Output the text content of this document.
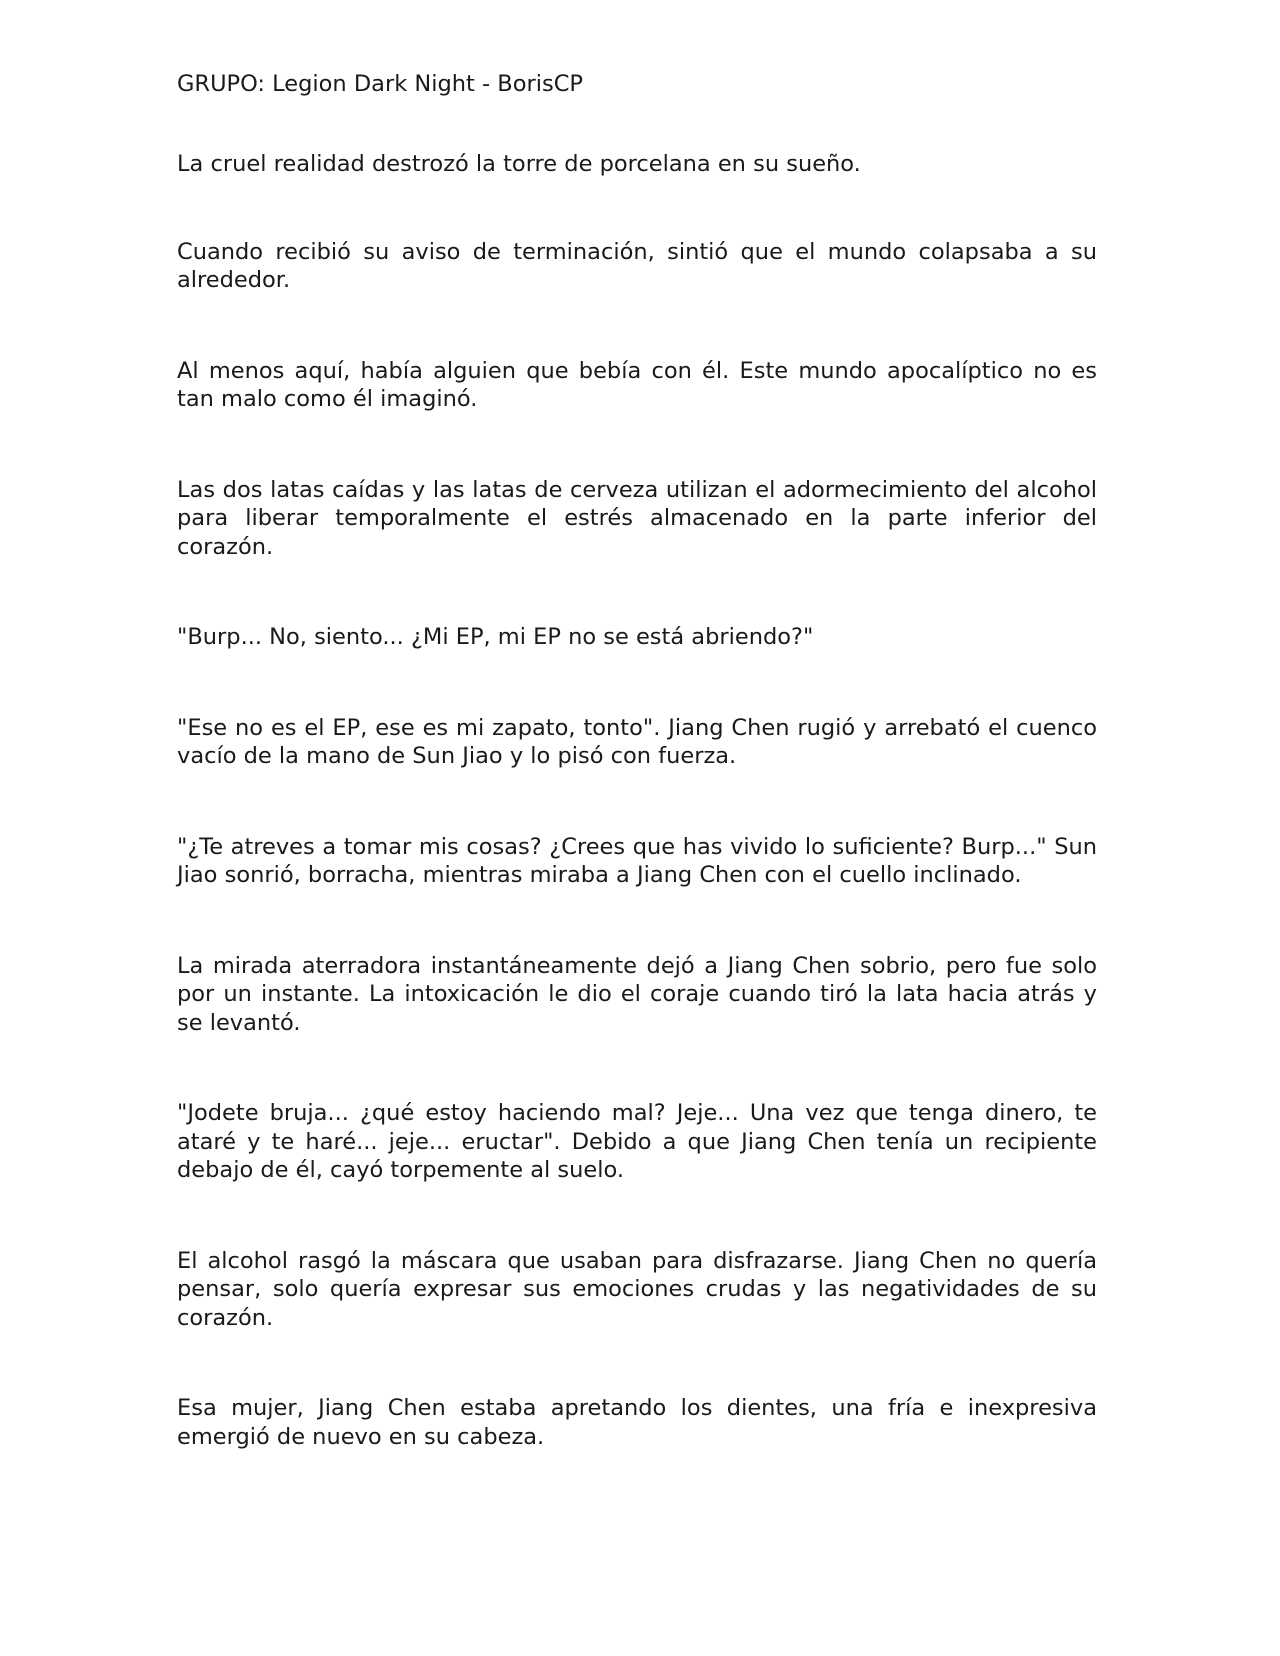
GRUPO: Legion Dark Night - BorisCP

La cruel realidad destrozó la torre de porcelana en su sueño.

Cuando recibió su aviso de terminación, sintió que el mundo colapsaba a su alrededor.

Al menos aquí, había alguien que bebía con él. Este mundo apocalíptico no es tan malo como él imaginó.

Las dos latas caídas y las latas de cerveza utilizan el adormecimiento del alcohol para liberar temporalmente el estrés almacenado en la parte inferior del corazón.

"Burp... No, siento... ¿Mi EP, mi EP no se está abriendo?"

"Ese no es el EP, ese es mi zapato, tonto". Jiang Chen rugió y arrebató el cuenco vacío de la mano de Sun Jiao y lo pisó con fuerza.

"¿Te atreves a tomar mis cosas? ¿Crees que has vivido lo suficiente? Burp..." Sun Jiao sonrió, borracha, mientras miraba a Jiang Chen con el cuello inclinado.

La mirada aterradora instantáneamente dejó a Jiang Chen sobrio, pero fue solo por un instante. La intoxicación le dio el coraje cuando tiró la lata hacia atrás y se levantó.

"Jodete bruja... ¿qué estoy haciendo mal? Jeje... Una vez que tenga dinero, te ataré y te haré... jeje... eructar". Debido a que Jiang Chen tenía un recipiente debajo de él, cayó torpemente al suelo.

El alcohol rasgó la máscara que usaban para disfrazarse. Jiang Chen no quería pensar, solo quería expresar sus emociones crudas y las negatividades de su corazón.

Esa mujer, Jiang Chen estaba apretando los dientes, una fría e inexpresiva emergió de nuevo en su cabeza.
